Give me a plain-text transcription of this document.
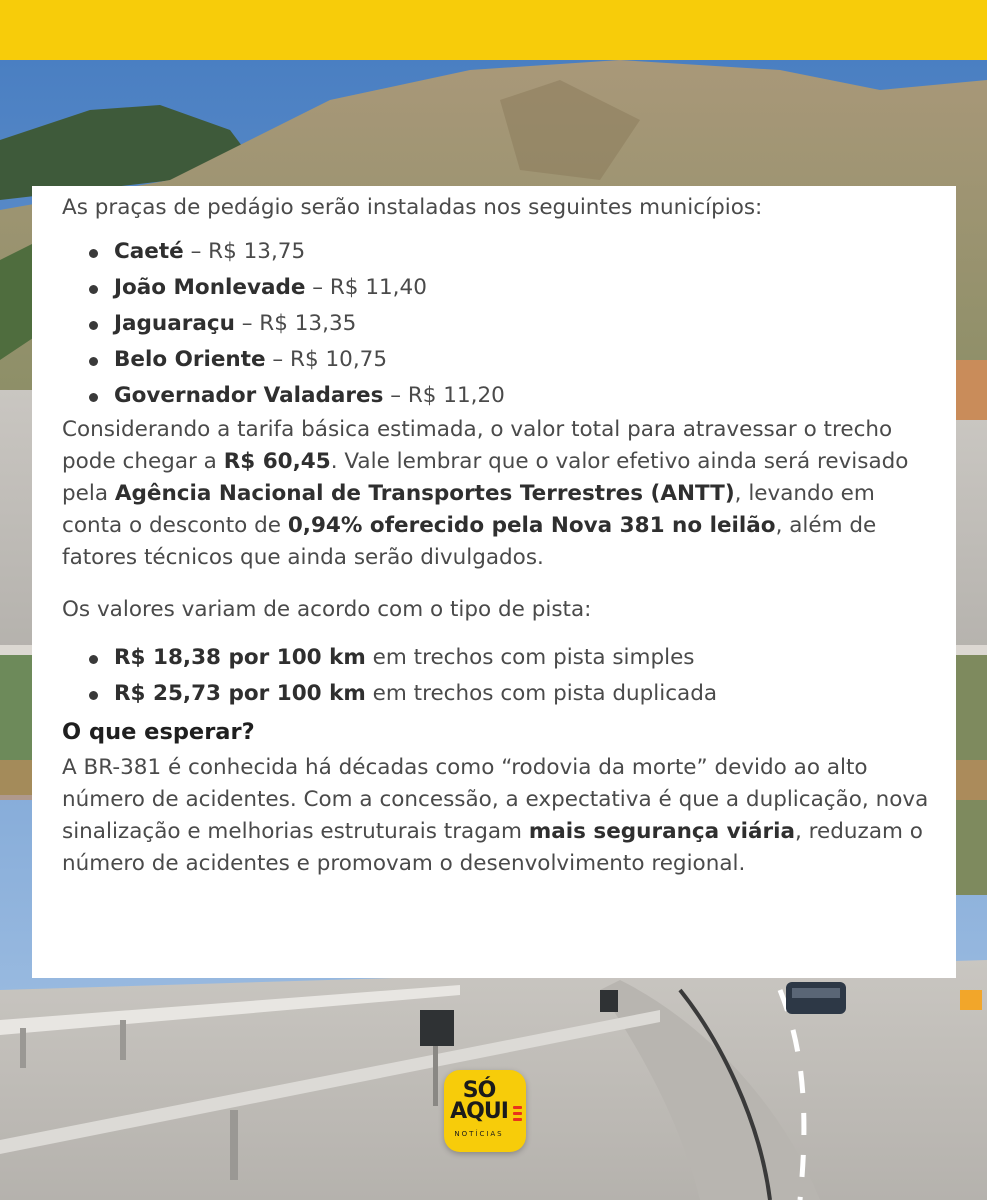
As praças de pedágio serão instaladas nos seguintes municípios:

Caeté – R$ 13,75
João Monlevade – R$ 11,40
Jaguaraçu – R$ 13,35
Belo Oriente – R$ 10,75
Governador Valadares – R$ 11,20

Considerando a tarifa básica estimada, o valor total para atravessar o trecho pode chegar a R$ 60,45. Vale lembrar que o valor efetivo ainda será revisado pela Agência Nacional de Transportes Terrestres (ANTT), levando em conta o desconto de 0,94% oferecido pela Nova 381 no leilão, além de fatores técnicos que ainda serão divulgados.

Os valores variam de acordo com o tipo de pista:

R$ 18,38 por 100 km em trechos com pista simples
R$ 25,73 por 100 km em trechos com pista duplicada

O que esperar?

A BR-381 é conhecida há décadas como “rodovia da morte” devido ao alto número de acidentes. Com a concessão, a expectativa é que a duplicação, nova sinalização e melhorias estruturais tragam mais segurança viária, reduzam o número de acidentes e promovam o desenvolvimento regional.

SÓ
AQUI
NOTÍCIAS
